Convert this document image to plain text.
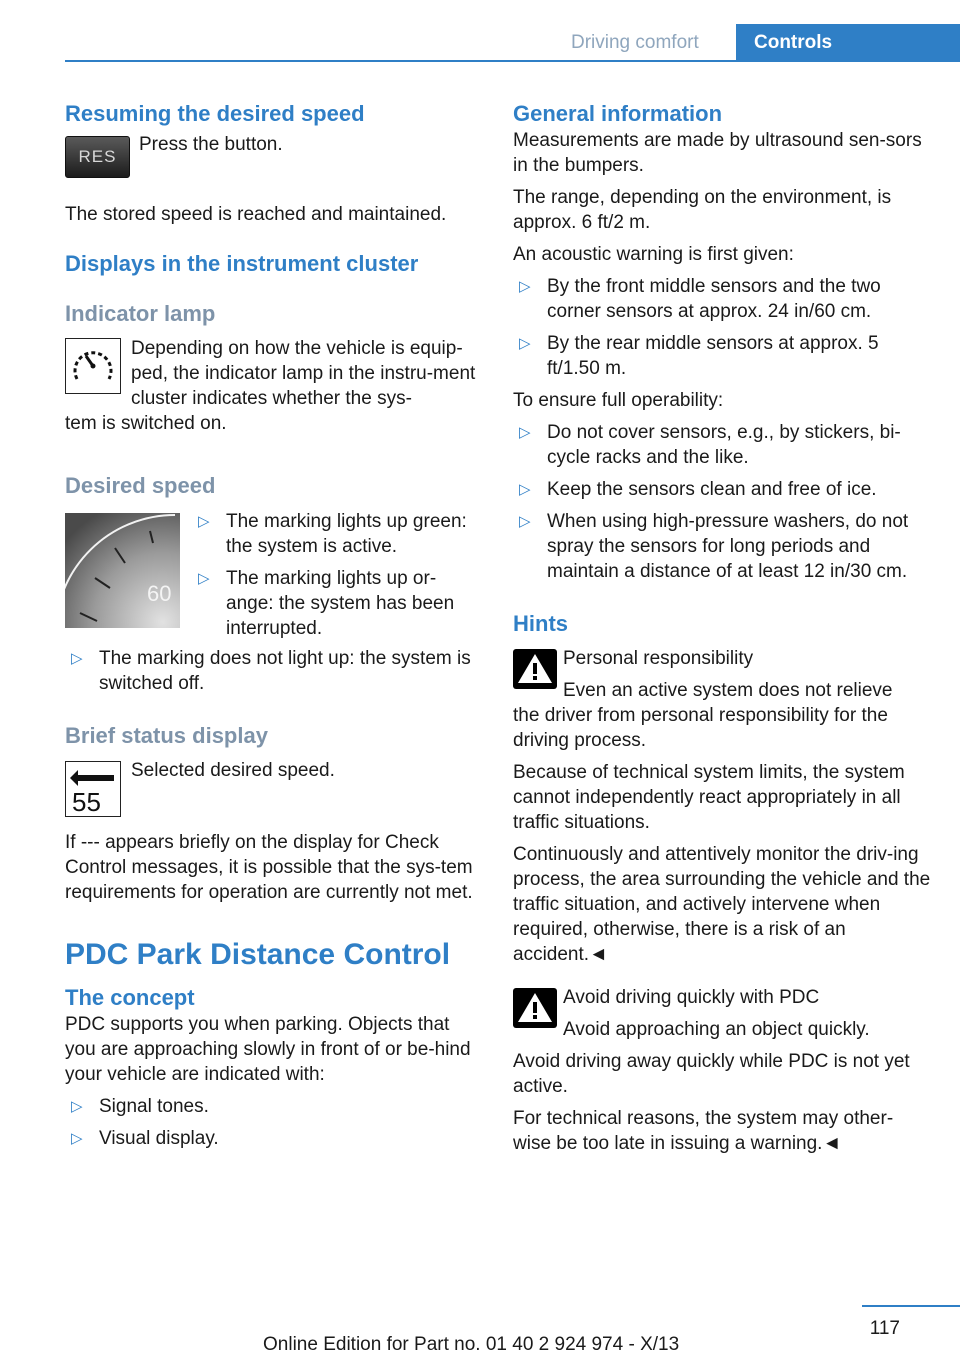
Driving comfort	Controls
Resuming the desired speed
RES

Press the button.

The stored speed is reached and maintained.

Displays in the instrument cluster
Indicator lamp

Depending on how the vehicle is equip-ped, the indicator lamp in the instru-ment cluster indicates whether the sys-

tem is switched on.

Desired speed
60
▷ The marking lights up green: the system is active.
▷ The marking lights up or-ange: the system has been interrupted.
▷ The marking does not light up: the system is switched off.
Brief status display
55

Selected desired speed.

If --- appears briefly on the display for Check Control messages, it is possible that the sys-tem requirements for operation are currently not met.

PDC Park Distance Control
The concept

PDC supports you when parking. Objects that you are approaching slowly in front of or be-hind your vehicle are indicated with:

▷ Signal tones.
▷ Visual display.
General information

Measurements are made by ultrasound sen-sors in the bumpers.

The range, depending on the environment, is approx. 6 ft/2 m.

An acoustic warning is first given:

▷ By the front middle sensors and the two corner sensors at approx. 24 in/60 cm.
▷ By the rear middle sensors at approx. 5 ft/1.50 m.

To ensure full operability:

▷ Do not cover sensors, e.g., by stickers, bi-cycle racks and the like.
▷ Keep the sensors clean and free of ice.
▷ When using high-pressure washers, do not spray the sensors for long periods and maintain a distance of at least 12 in/30 cm.
Hints

Personal responsibility

Even an active system does not relieve

the driver from personal responsibility for the driving process.

Because of technical system limits, the system cannot independently react appropriately in all traffic situations.

Continuously and attentively monitor the driv-ing process, the area surrounding the vehicle and the traffic situation, and actively intervene when required, otherwise, there is a risk of an accident.◄

Avoid driving quickly with PDC

Avoid approaching an object quickly.

Avoid driving away quickly while PDC is not yet active.

For technical reasons, the system may other-wise be too late in issuing a warning.◄

117
Online Edition for Part no. 01 40 2 924 974 - X/13
